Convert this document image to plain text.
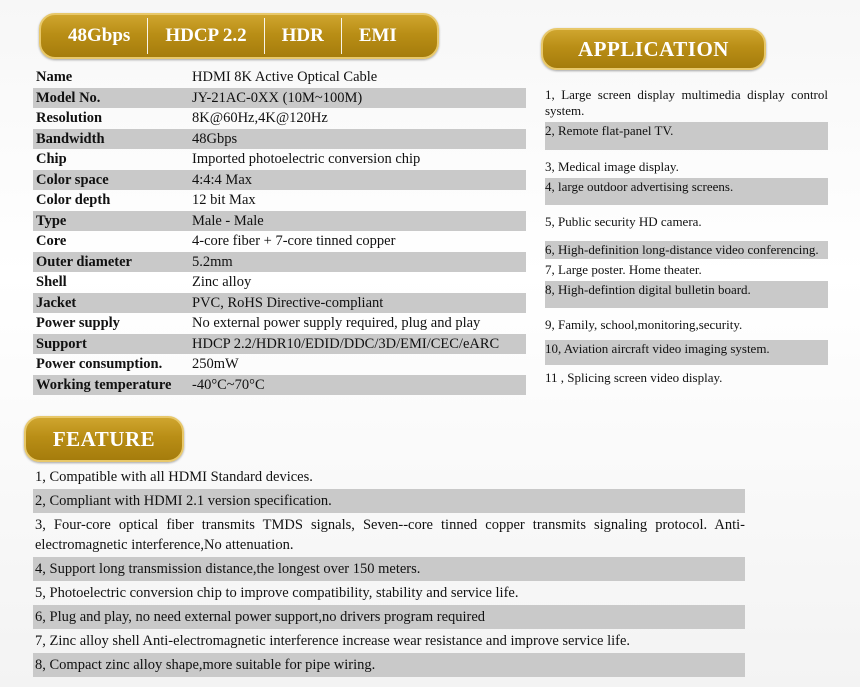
48Gbps	HDCP 2.2	HDR	EMI
APPLICATION
Name	HDMI 8K Active Optical Cable
Model No.	JY-21AC-0XX (10M~100M)
Resolution	8K@60Hz,4K@120Hz
Bandwidth	48Gbps
Chip	Imported photoelectric conversion chip
Color space	4:4:4 Max
Color depth	12 bit Max
Type	Male - Male
Core	4-core fiber + 7-core tinned copper
Outer diameter	5.2mm
Shell	Zinc alloy
Jacket	PVC, RoHS Directive-compliant
Power supply	No external power supply required, plug and play
Support	HDCP 2.2/HDR10/EDID/DDC/3D/EMI/CEC/eARC
Power consumption.	250mW
Working temperature	-40°C~70°C
1, Large screen display multimedia display control system.
2, Remote flat-panel TV.
3, Medical image display.
4, large outdoor advertising screens.
5, Public security HD camera.
6, High-definition long-distance video conferencing.
7, Large poster. Home theater.
8, High-defintion digital bulletin board.
9, Family, school,monitoring,security.
10, Aviation aircraft video imaging system.
11 , Splicing screen video display.
FEATURE
1, Compatible with all HDMI Standard devices.
2, Compliant with HDMI 2.1 version specification.
3, Four-core optical fiber transmits TMDS signals, Seven--core tinned copper transmits signaling protocol. Anti-electromagnetic interference,No attenuation.
4, Support long transmission distance,the longest over 150 meters.
5, Photoelectric conversion chip to improve compatibility, stability and service life.
6, Plug and play, no need external power support,no drivers program required
7, Zinc alloy shell Anti-electromagnetic interference increase wear resistance and improve service life.
8, Compact zinc alloy shape,more suitable for pipe wiring.
